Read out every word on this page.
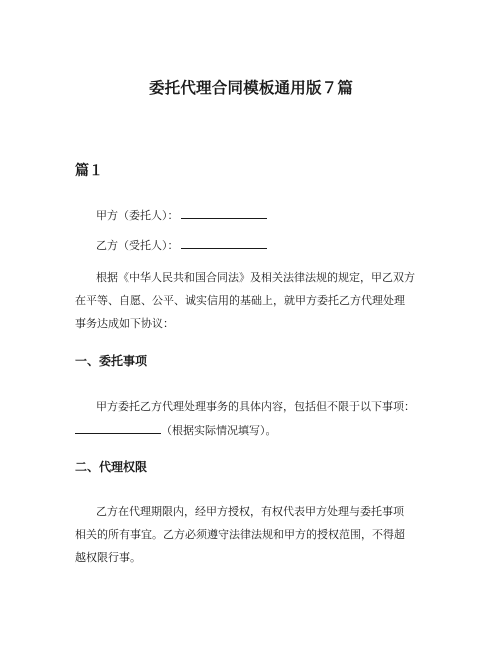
委托代理合同模板通用版７篇
篇１
甲方（委托人）：
乙方（受托人）：
根据《中华人民共和国合同法》及相关法律法规的规定，甲乙双方
在平等、自愿、公平、诚实信用的基础上，就甲方委托乙方代理处理
事务达成如下协议：
一、委托事项
甲方委托乙方代理处理事务的具体内容，包括但不限于以下事项：
（根据实际情况填写）。
二、代理权限
乙方在代理期限内，经甲方授权，有权代表甲方处理与委托事项
相关的所有事宜。乙方必须遵守法律法规和甲方的授权范围，不得超
越权限行事。
